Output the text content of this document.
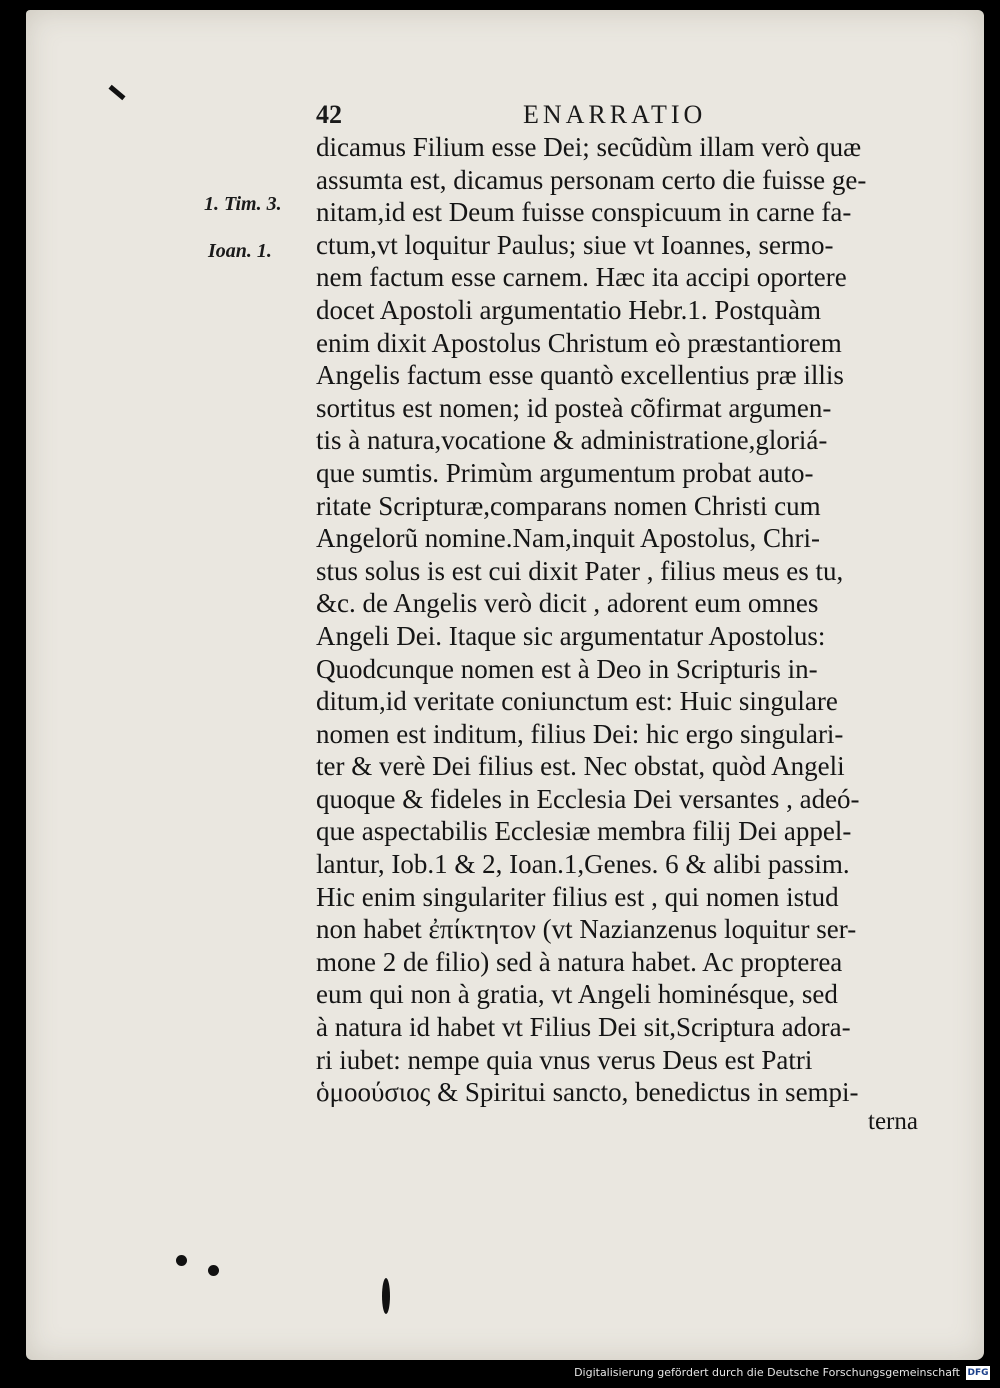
42	ENARRATIO
1. Tim. 3.
Ioan. 1.
dicamus Filium esse Dei; secũdùm illam verò quæ
assumta est, dicamus personam certo die fuisse ge-
nitam,id est Deum fuisse conspicuum in carne fa-
ctum,vt loquitur Paulus; siue vt Ioannes, sermo-
nem factum esse carnem. Hæc ita accipi oportere
docet Apostoli argumentatio Hebr.1. Postquàm
enim dixit Apostolus Christum eò præstantiorem
Angelis factum esse quantò excellentius præ illis
sortitus est nomen; id posteà cõfirmat argumen-
tis à natura,vocatione & administratione,gloriá-
que sumtis. Primùm argumentum probat auto-
ritate Scripturæ,comparans nomen Christi cum
Angelorũ nomine.Nam,inquit Apostolus, Chri-
stus solus is est cui dixit Pater , filius meus es tu,
&c. de Angelis verò dicit , adorent eum omnes
Angeli Dei. Itaque sic argumentatur Apostolus:
Quodcunque nomen est à Deo in Scripturis in-
ditum,id veritate coniunctum est: Huic singulare
nomen est inditum, filius Dei: hic ergo singulari-
ter & verè Dei filius est. Nec obstat, quòd Angeli
quoque & fideles in Ecclesia Dei versantes , adeó-
que aspectabilis Ecclesiæ membra filij Dei appel-
lantur, Iob.1 & 2, Ioan.1,Genes. 6 & alibi passim.
Hic enim singulariter filius est , qui nomen istud
non habet ἐπίκτητον (vt Nazianzenus loquitur ser-
mone 2 de filio) sed à natura habet. Ac propterea
eum qui non à gratia, vt Angeli hominésque, sed
à natura id habet vt Filius Dei sit,Scriptura adora-
ri iubet: nempe quia vnus verus Deus est Patri
ὁμοούσιος & Spiritui sancto, benedictus in sempi-
terna
Digitalisierung gefördert durch die Deutsche Forschungsgemeinschaft DFG
